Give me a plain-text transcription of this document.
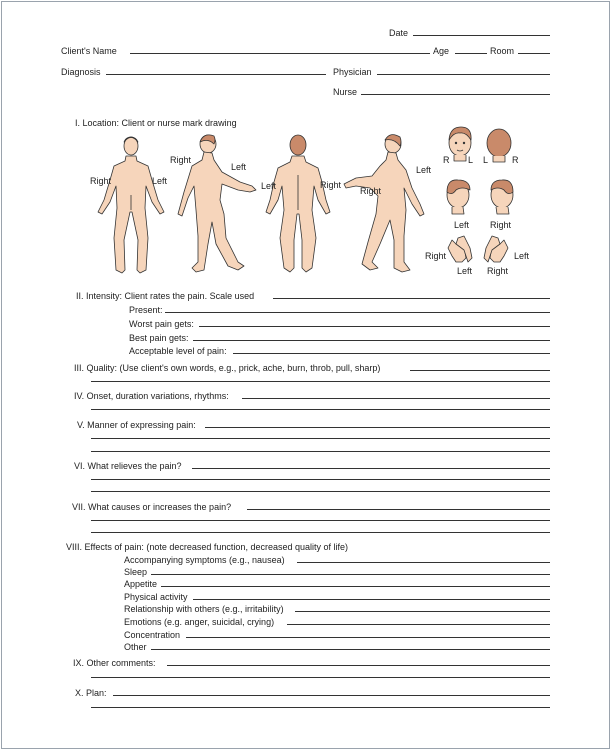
Date
Client's Name	Age	Room
Diagnosis	Physician
Nurse
I. Location: Client or nurse mark drawing
Right	Left
Right
Left
Left	Right
Right
Left
R L L	R
Left Right
Right
Left
Left
Right
II. Intensity: Client rates the pain. Scale used
Present:
Worst pain gets:
Best pain gets:
Acceptable level of pain:
III. Quality: (Use client's own words, e.g., prick, ache, burn, throb, pull, sharp)
IV. Onset, duration variations, rhythms:
V. Manner of expressing pain:
VI. What relieves the pain?
VII. What causes or increases the pain?
VIII. Effects of pain: (note decreased function, decreased quality of life)
Accompanying symptoms (e.g., nausea)
Sleep
Appetite
Physical activity
Relationship with others (e.g., irritability)
Emotions (e.g. anger, suicidal, crying)
Concentration
Other
IX. Other comments:
X. Plan:
